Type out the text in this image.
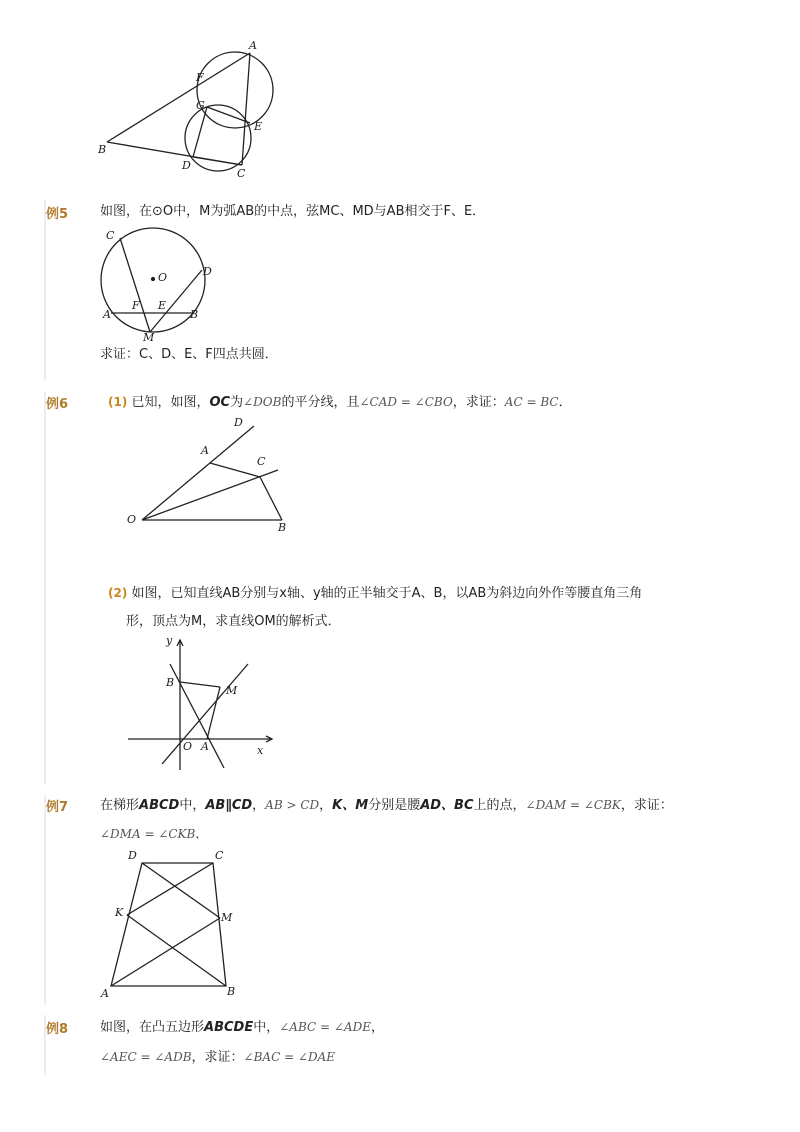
A
F
G
E
B
D
C
例5 如图，在⊙O中，M为弧AB的中点，弦MC、MD与AB相交于F、E．
C
O	D
F E
A	B
M
求证：C、D、E、F四点共圆．
例6	(1) 已知，如图，OC为∠DOB的平分线，且∠CAD = ∠CBO，求证：AC = BC．
D
A
C
O
B
(2) 如图，已知直线AB分别与x轴、y轴的正半轴交于A、B，以AB为斜边向外作等腰直角三角
形，顶点为M，求直线OM的解析式．
y
B
M
O A	x
例7 在梯形ABCD中，AB∥CD，AB > CD，K、M分别是腰AD、BC上的点，∠DAM = ∠CBK，求证：
∠DMA = ∠CKB．
D	C
K	M
A	B
例8 如图，在凸五边形ABCDE中，∠ABC = ∠ADE，
∠AEC = ∠ADB，求证：∠BAC = ∠DAE
